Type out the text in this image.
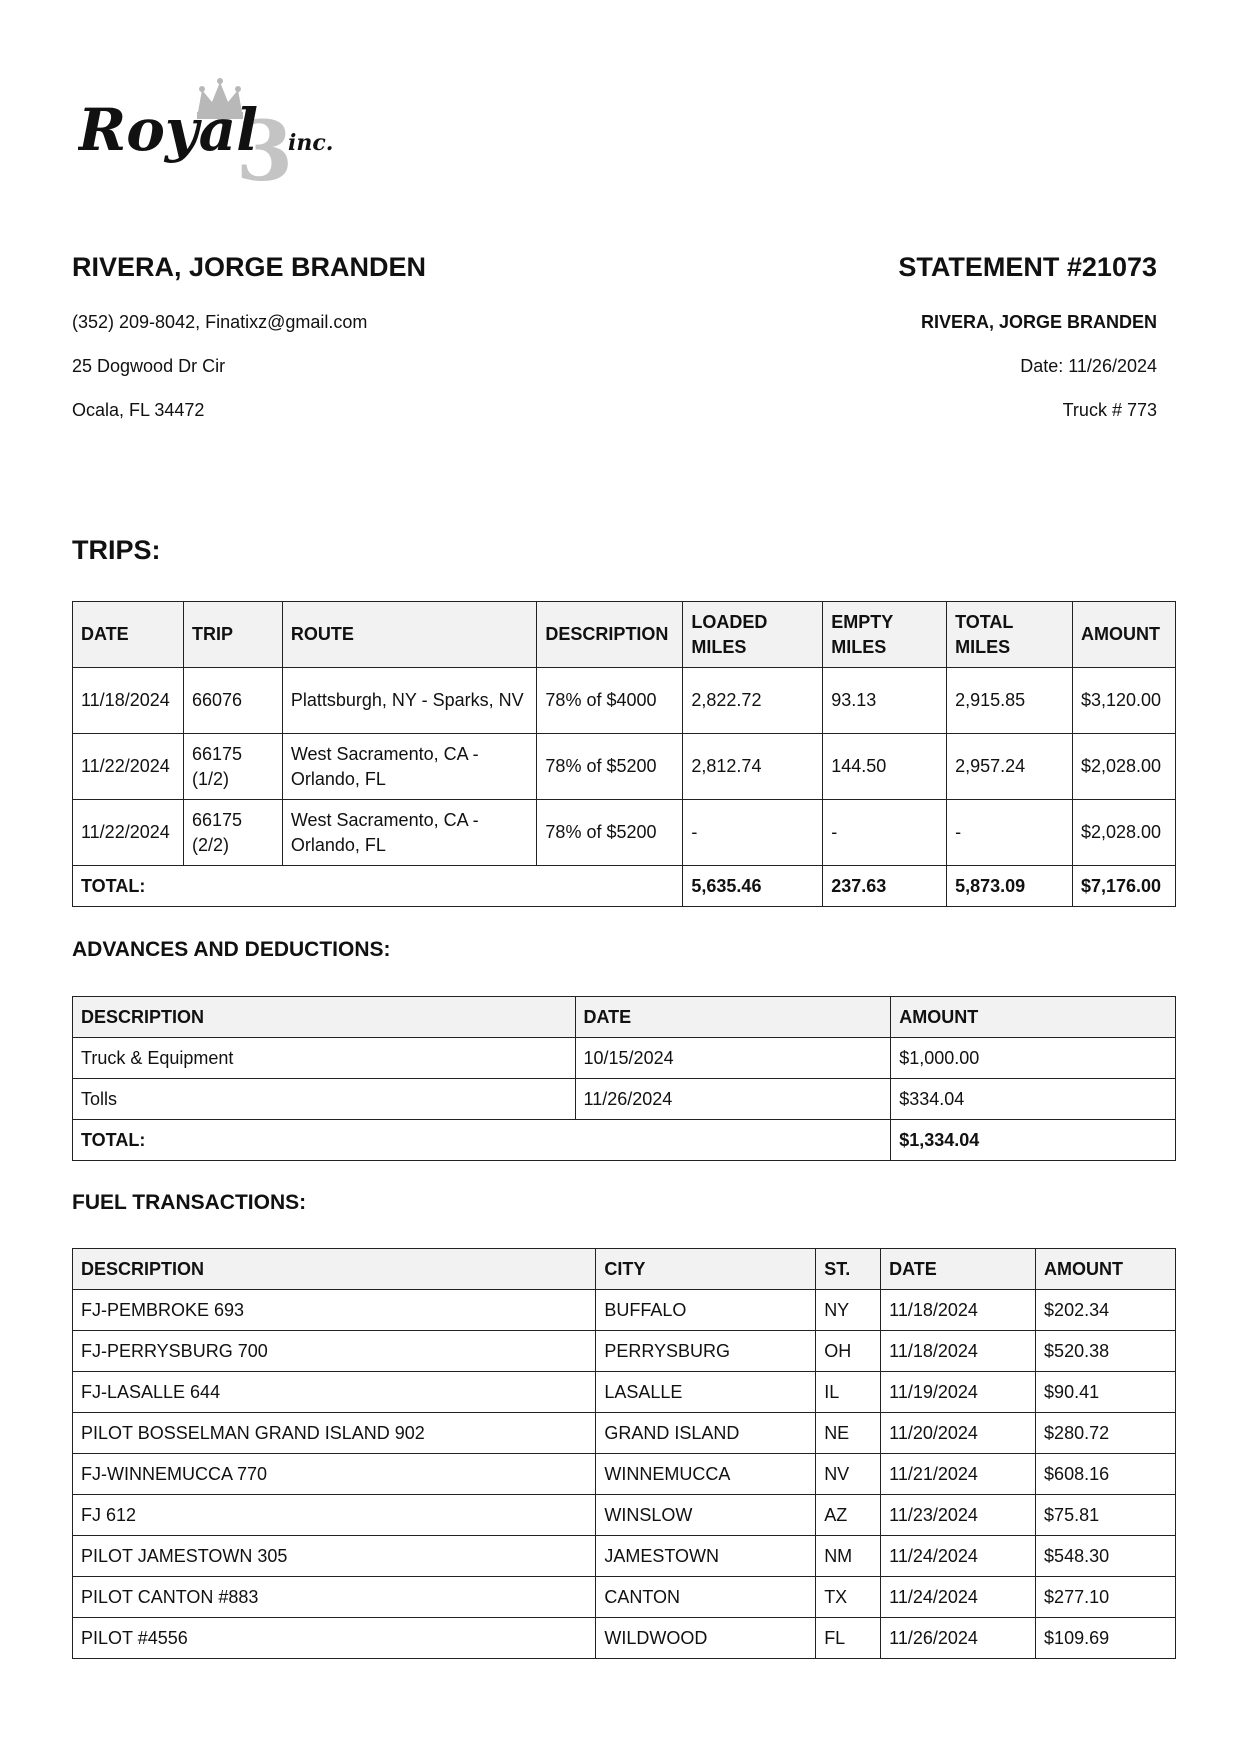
3
Royal inc.
RIVERA, JORGE BRANDEN

(352) 209-8042, Finatixz@gmail.com

25 Dogwood Dr Cir

Ocala, FL 34472

STATEMENT #21073

RIVERA, JORGE BRANDEN

Date: 11/26/2024

Truck # 773

TRIPS:
DATE	TRIP	ROUTE	DESCRIPTION	LOADED MILES	EMPTY MILES	TOTAL MILES	AMOUNT
11/18/2024	66076	Plattsburgh, NY - Sparks, NV	78% of $4000	2,822.72	93.13	2,915.85	$3,120.00
11/22/2024	66175 (1/2)	West Sacramento, CA - Orlando, FL	78% of $5200	2,812.74	144.50	2,957.24	$2,028.00
11/22/2024	66175 (2/2)	West Sacramento, CA - Orlando, FL	78% of $5200	-	-	-	$2,028.00
TOTAL:				5,635.46	237.63	5,873.09	$7,176.00
ADVANCES AND DEDUCTIONS:
DESCRIPTION	DATE	AMOUNT
Truck & Equipment	10/15/2024	$1,000.00
Tolls	11/26/2024	$334.04
TOTAL:		$1,334.04
FUEL TRANSACTIONS:
DESCRIPTION	CITY	ST.	DATE	AMOUNT
FJ-PEMBROKE 693	BUFFALO	NY	11/18/2024	$202.34
FJ-PERRYSBURG 700	PERRYSBURG	OH	11/18/2024	$520.38
FJ-LASALLE 644	LASALLE	IL	11/19/2024	$90.41
PILOT BOSSELMAN GRAND ISLAND 902	GRAND ISLAND	NE	11/20/2024	$280.72
FJ-WINNEMUCCA 770	WINNEMUCCA	NV	11/21/2024	$608.16
FJ 612	WINSLOW	AZ	11/23/2024	$75.81
PILOT JAMESTOWN 305	JAMESTOWN	NM	11/24/2024	$548.30
PILOT CANTON #883	CANTON	TX	11/24/2024	$277.10
PILOT #4556	WILDWOOD	FL	11/26/2024	$109.69
